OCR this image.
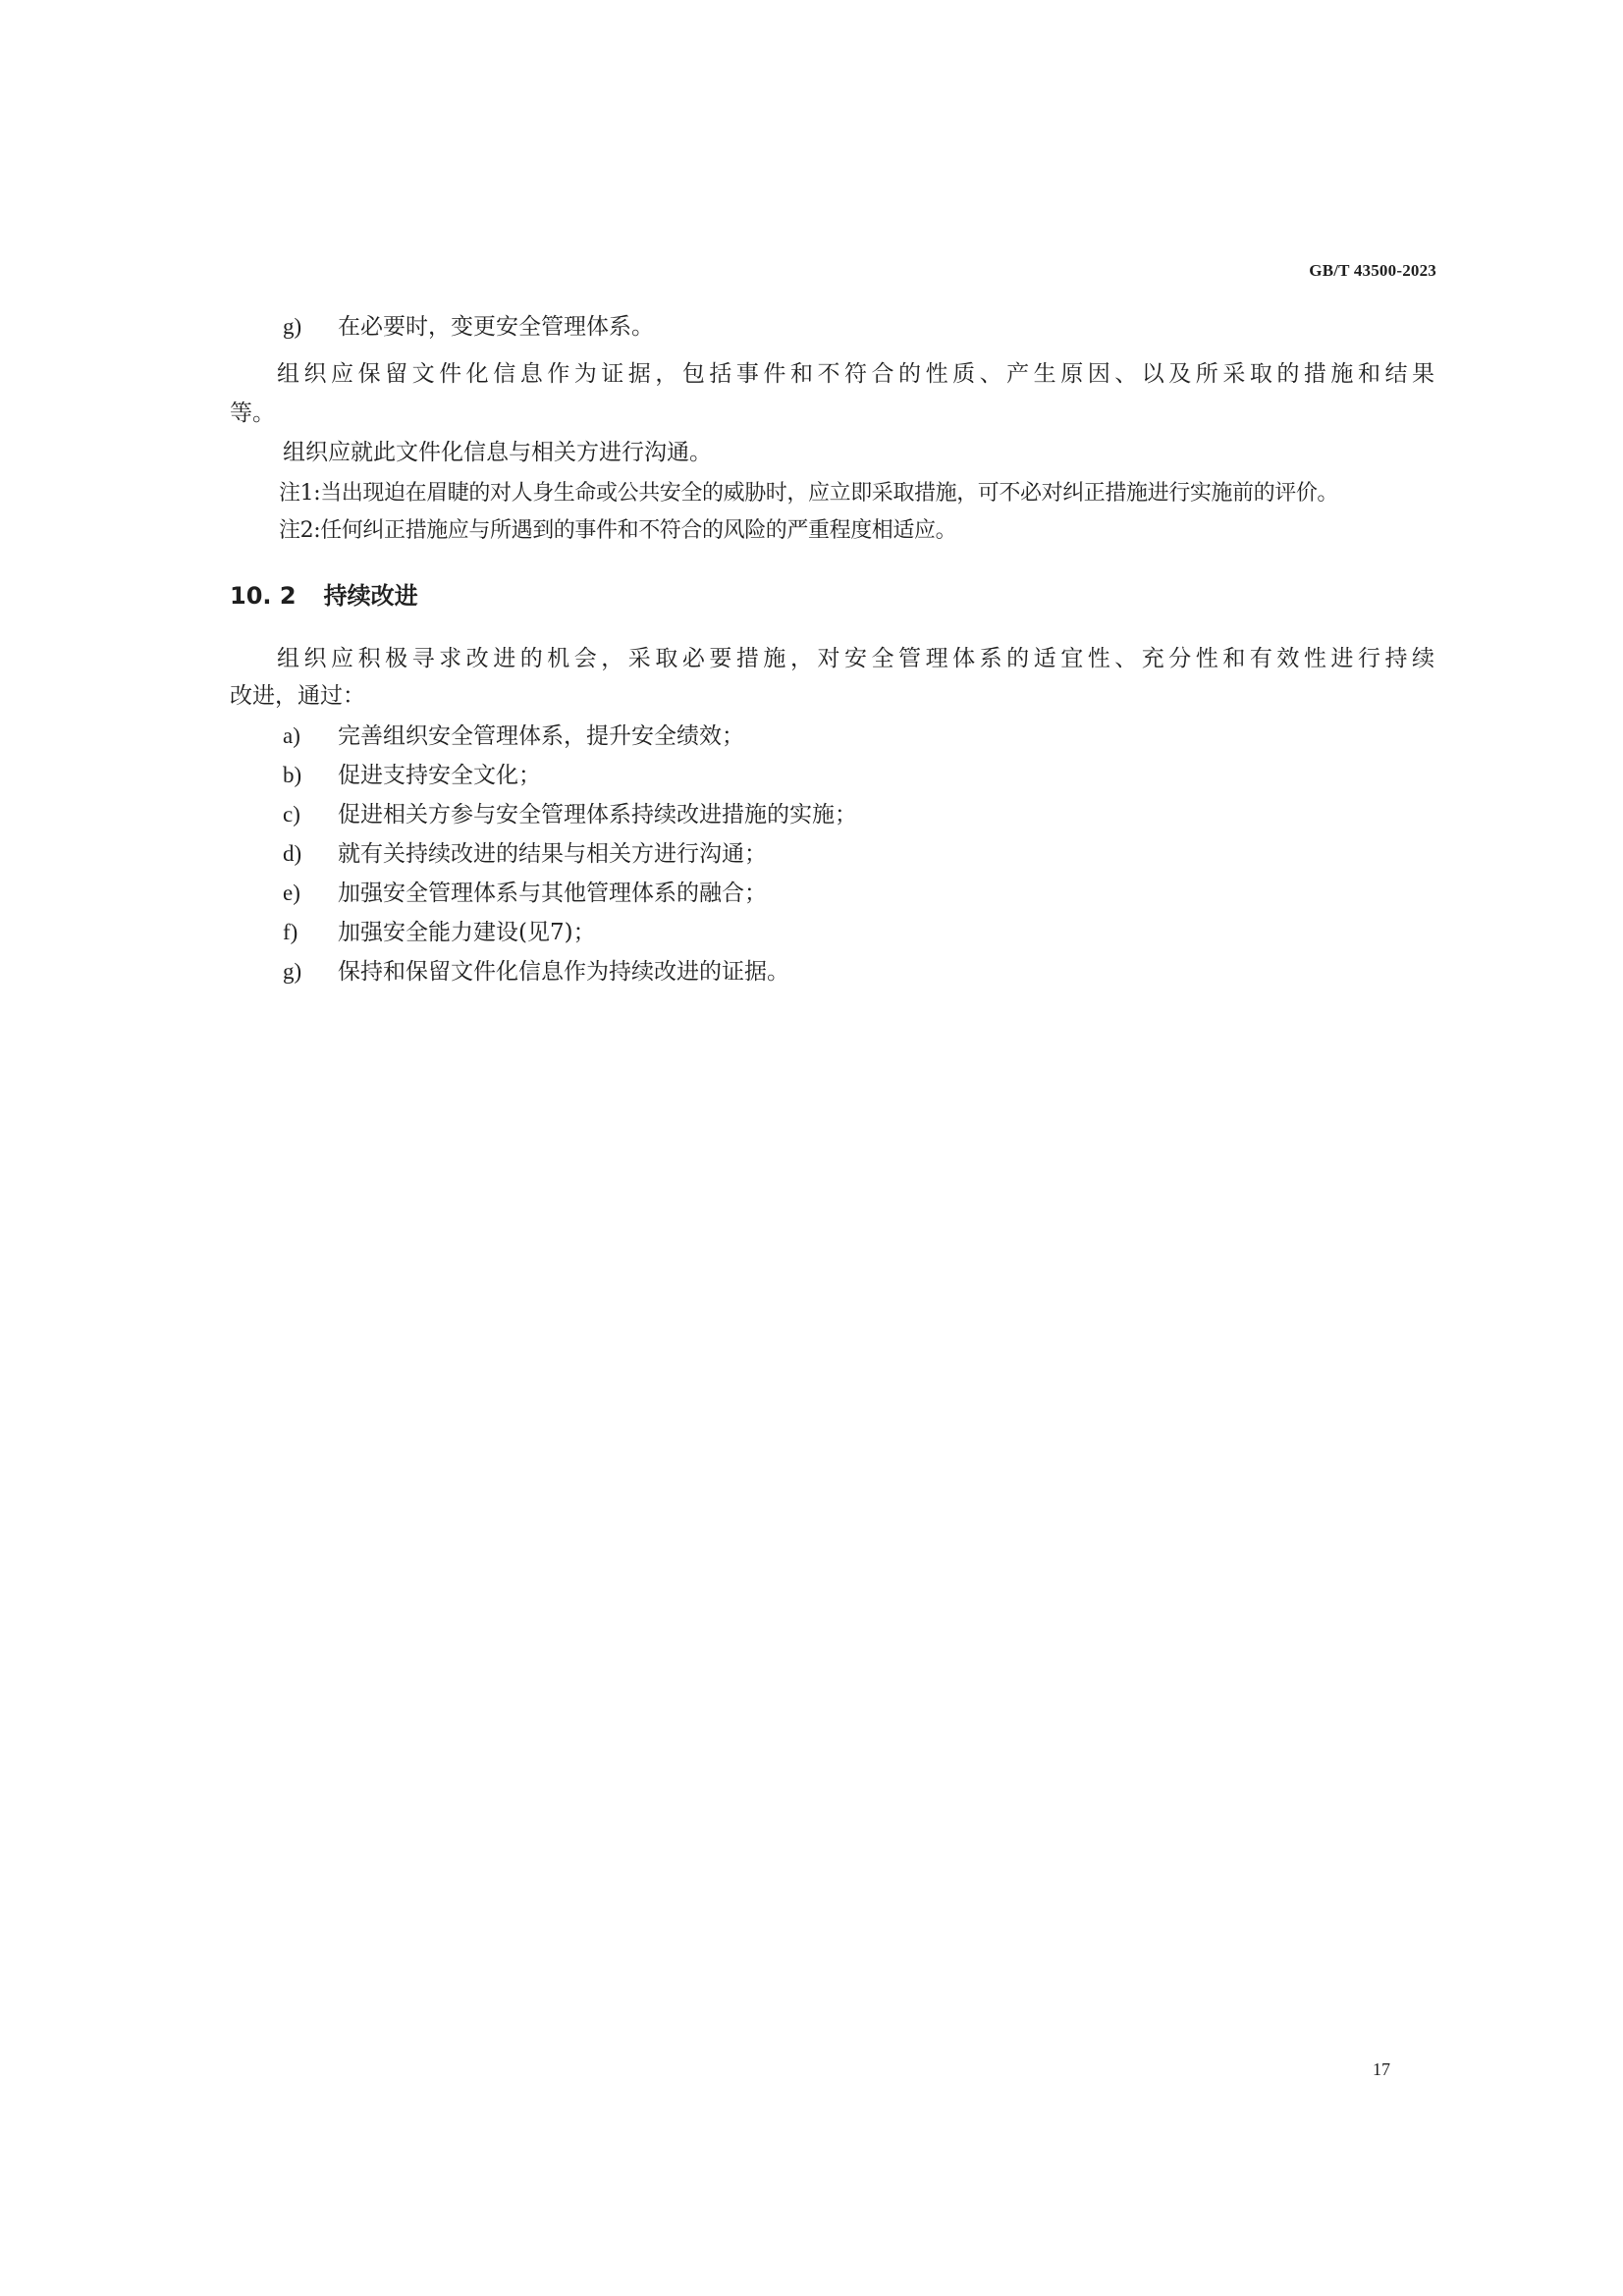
GB/T 43500-2023
g) 在必要时，变更安全管理体系。
组织应保留文件化信息作为证据，包括事件和不符合的性质、产生原因、以及所采取的措施和结果
等。
组织应就此文件化信息与相关方进行沟通。
注1:当出现迫在眉睫的对人身生命或公共安全的威胁时，应立即采取措施，可不必对纠正措施进行实施前的评价。
注2:任何纠正措施应与所遇到的事件和不符合的风险的严重程度相适应。
10. 2 持续改进
组织应积极寻求改进的机会，采取必要措施，对安全管理体系的适宜性、充分性和有效性进行持续
改进，通过：
a) 完善组织安全管理体系，提升安全绩效；
b) 促进支持安全文化；
c) 促进相关方参与安全管理体系持续改进措施的实施；
d) 就有关持续改进的结果与相关方进行沟通；
e) 加强安全管理体系与其他管理体系的融合；
f) 加强安全能力建设(见7)；
g) 保持和保留文件化信息作为持续改进的证据。
17
